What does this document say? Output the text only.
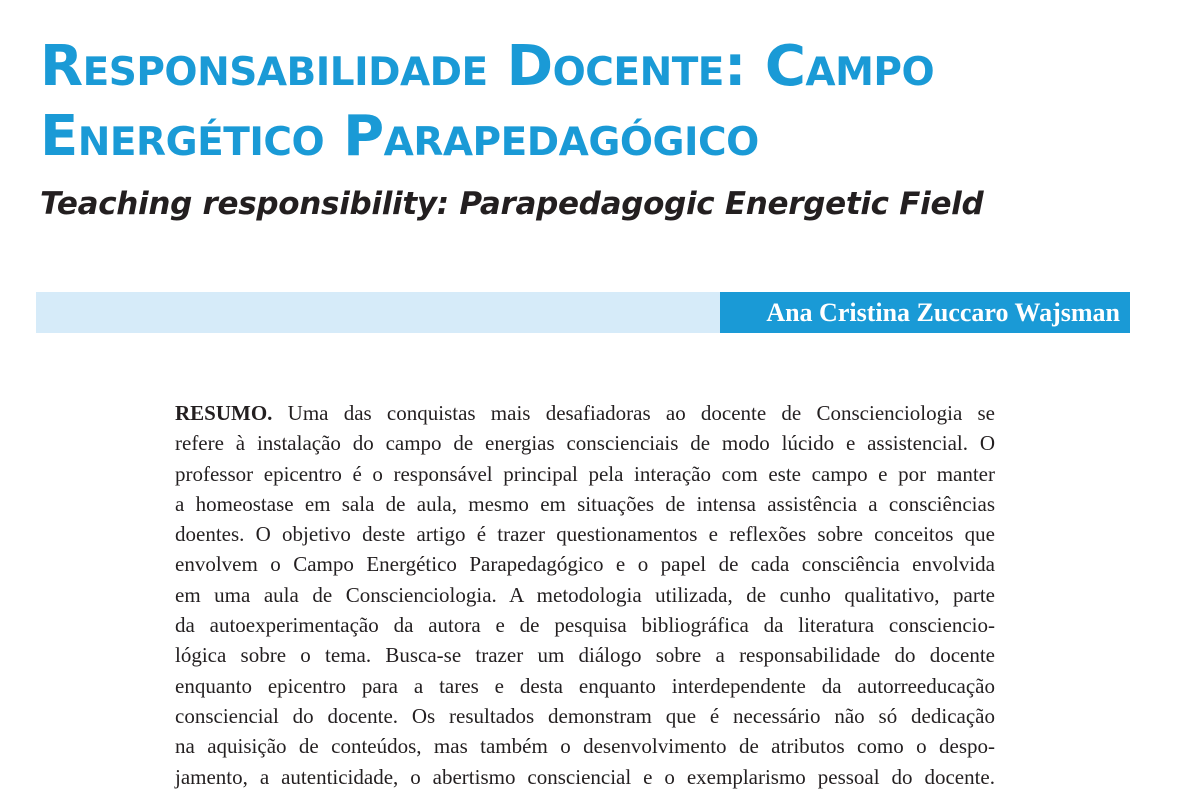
Responsabilidade Docente: Campo
Energético Parapedagógico
Teaching responsibility: Parapedagogic Energetic Field
Ana Cristina Zuccaro Wajsman
RESUMO. Uma das conquistas mais desafiadoras ao docente de Conscienciologia se
refere à instalação do campo de energias conscienciais de modo lúcido e assistencial. O
professor epicentro é o responsável principal pela interação com este campo e por manter
a homeostase em sala de aula, mesmo em situações de intensa assistência a consciências
doentes. O objetivo deste artigo é trazer questionamentos e reflexões sobre conceitos que
envolvem o Campo Energético Parapedagógico e o papel de cada consciência envolvida
em uma aula de Conscienciologia. A metodologia utilizada, de cunho qualitativo, parte
da autoexperimentação da autora e de pesquisa bibliográfica da literatura conscienciо-
lógica sobre o tema. Busca-se trazer um diálogo sobre a responsabilidade do docente
enquanto epicentro para a tares e desta enquanto interdependente da autorreeducação
consciencial do docente. Os resultados demonstram que é necessário não só dedicação
na aquisição de conteúdos, mas também o desenvolvimento de atributos como o despo-
jamento, a autenticidade, o abertismo consciencial e o exemplarismo pessoal do docente.
